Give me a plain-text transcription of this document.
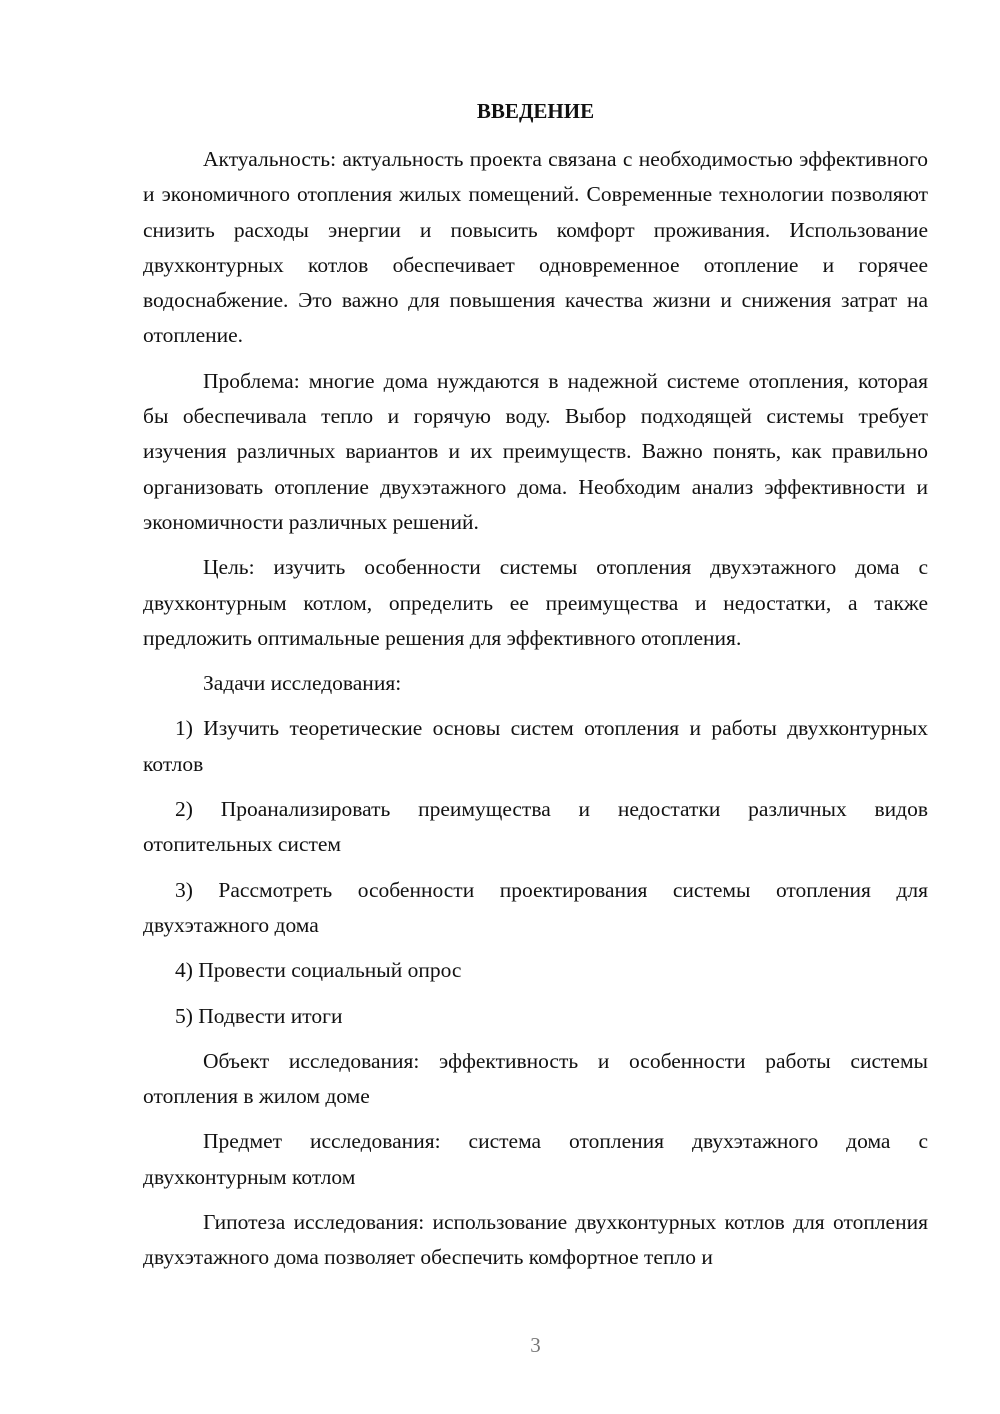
ВВЕДЕНИЕ

Актуальность: актуальность проекта связана с необходимостью эффективного и экономичного отопления жилых помещений. Современные технологии позволяют снизить расходы энергии и повысить комфорт проживания. Использование двухконтурных котлов обеспечивает одновременное отопление и горячее водоснабжение. Это важно для повышения качества жизни и снижения затрат на отопление.

Проблема: многие дома нуждаются в надежной системе отопления, которая бы обеспечивала тепло и горячую воду. Выбор подходящей системы требует изучения различных вариантов и их преимуществ. Важно понять, как правильно организовать отопление двухэтажного дома. Необходим анализ эффективности и экономичности различных решений.

Цель: изучить особенности системы отопления двухэтажного дома с двухконтурным котлом, определить ее преимущества и недостатки, а также предложить оптимальные решения для эффективного отопления.

Задачи исследования:

1) Изучить теоретические основы систем отопления и работы двухконтурных котлов

2) Проанализировать преимущества и недостатки различных видов отопительных систем

3) Рассмотреть особенности проектирования системы отопления для двухэтажного дома

4) Провести социальный опрос

5) Подвести итоги

Объект исследования: эффективность и особенности работы системы отопления в жилом доме

Предмет исследования: система отопления двухэтажного дома с двухконтурным котлом

Гипотеза исследования: использование двухконтурных котлов для отопления двухэтажного дома позволяет обеспечить комфортное тепло и

3
